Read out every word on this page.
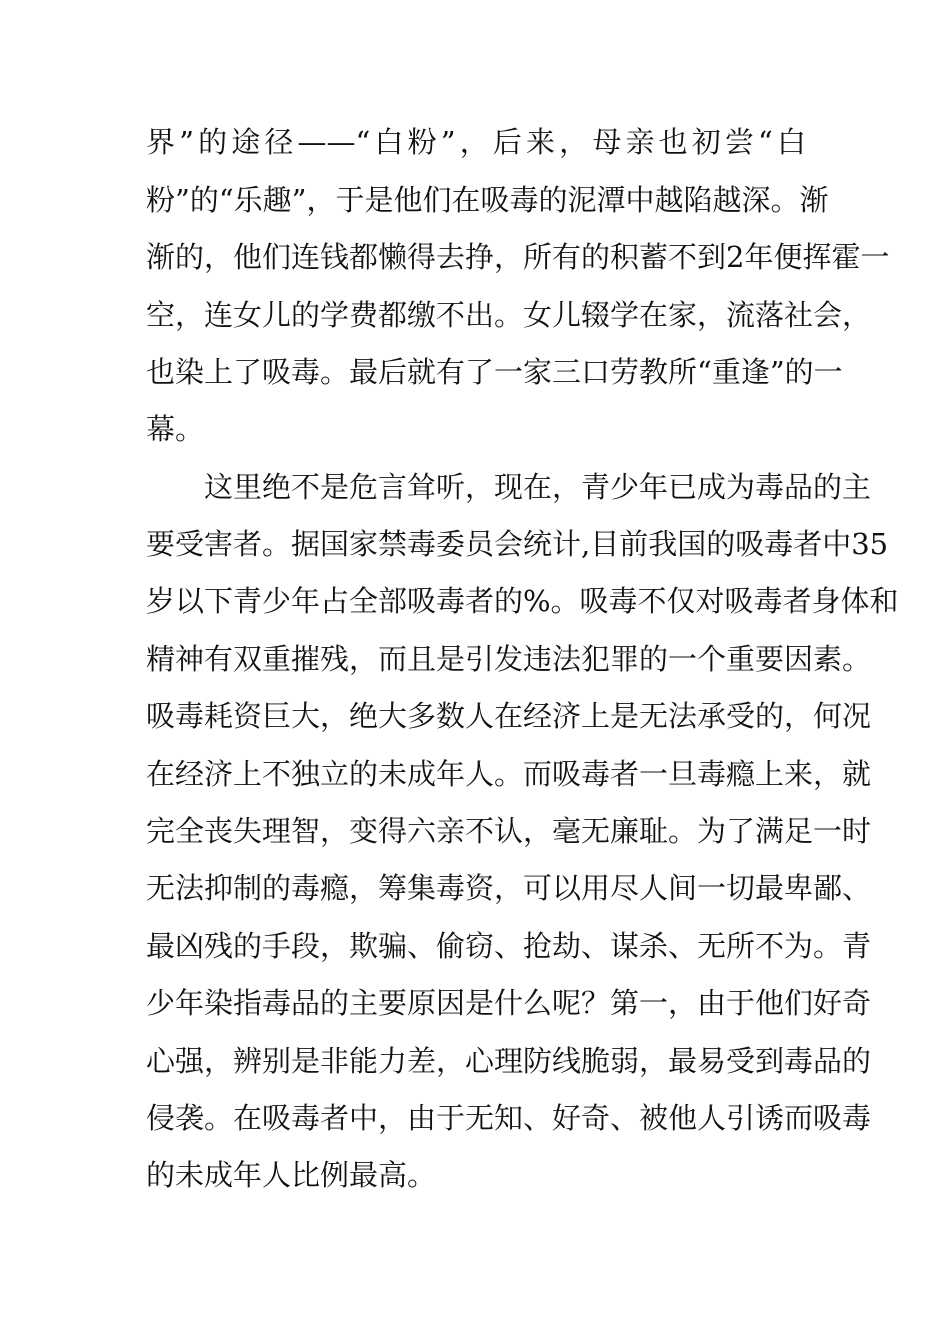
界”的途径——“白粉”，后来，母亲也初尝“白
粉”的“乐趣”，于是他们在吸毒的泥潭中越陷越深。渐
渐的，他们连钱都懒得去挣，所有的积蓄不到2年便挥霍一
空，连女儿的学费都缴不出。女儿辍学在家，流落社会，
也染上了吸毒。最后就有了一家三口劳教所“重逢”的一
幕。
这里绝不是危言耸听，现在，青少年已成为毒品的主
要受害者。据国家禁毒委员会统计,目前我国的吸毒者中35
岁以下青少年占全部吸毒者的%。吸毒不仅对吸毒者身体和
精神有双重摧残，而且是引发违法犯罪的一个重要因素。
吸毒耗资巨大，绝大多数人在经济上是无法承受的，何况
在经济上不独立的未成年人。而吸毒者一旦毒瘾上来，就
完全丧失理智，变得六亲不认，毫无廉耻。为了满足一时
无法抑制的毒瘾，筹集毒资，可以用尽人间一切最卑鄙、
最凶残的手段，欺骗、偷窃、抢劫、谋杀、无所不为。青
少年染指毒品的主要原因是什么呢？第一，由于他们好奇
心强，辨别是非能力差，心理防线脆弱，最易受到毒品的
侵袭。在吸毒者中，由于无知、好奇、被他人引诱而吸毒
的未成年人比例最高。
